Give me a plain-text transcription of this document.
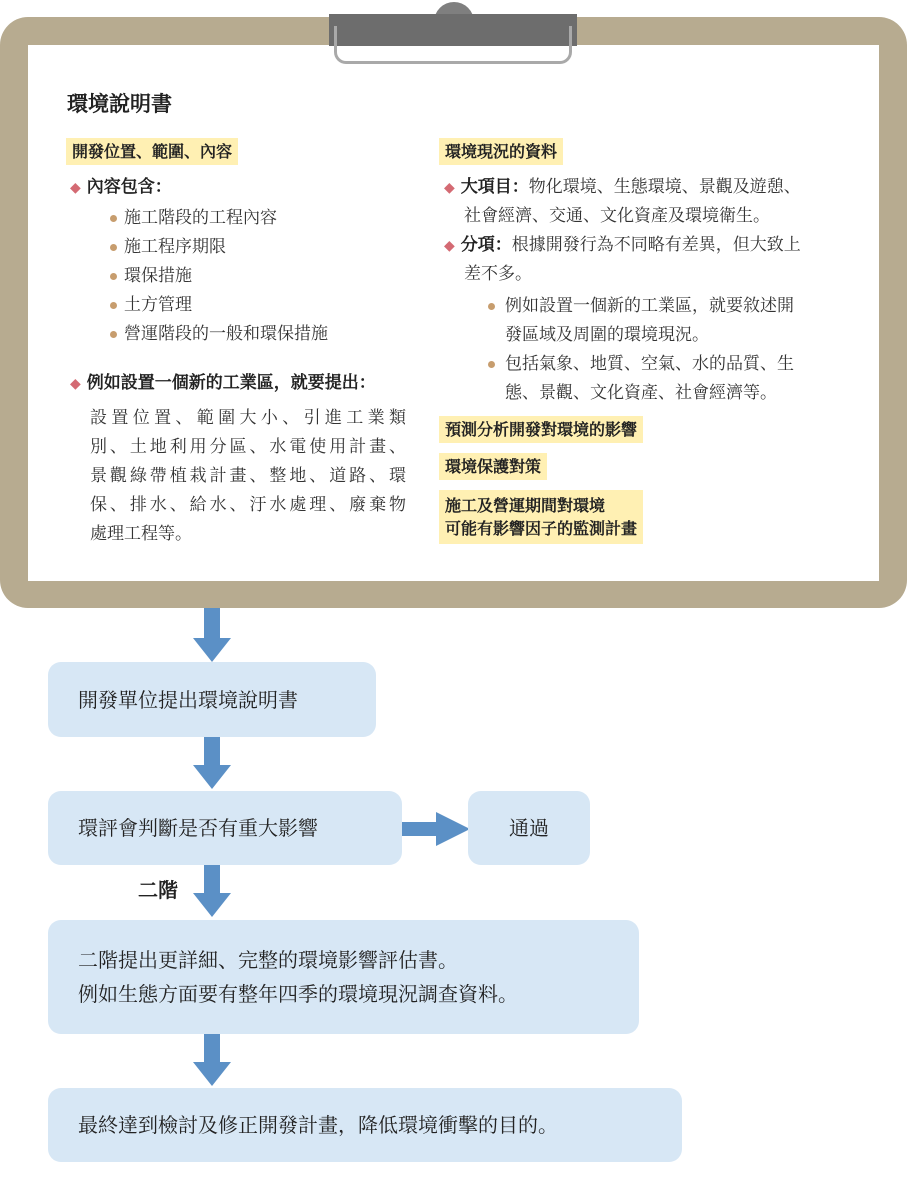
環境說明書
開發位置、範圍、內容
◆ 內容包含：
施工階段的工程內容
施工程序期限
環保措施
土方管理
營運階段的一般和環保措施
◆ 例如設置一個新的工業區，就要提出：
設置位置、範圍大小、引進工業類
別、土地利用分區、水電使用計畫、
景觀綠帶植栽計畫、整地、道路、環
保、排水、給水、汙水處理、廢棄物
處理工程等。
環境現況的資料
◆ 大項目：物化環境、生態環境、景觀及遊憩、
社會經濟、交通、文化資產及環境衛生。
◆ 分項：根據開發行為不同略有差異，但大致上
差不多。
例如設置一個新的工業區，就要敘述開
發區域及周圍的環境現況。
包括氣象、地質、空氣、水的品質、生
態、景觀、文化資產、社會經濟等。
預測分析開發對環境的影響
環境保護對策
施工及營運期間對環境
可能有影響因子的監測計畫
二階
開發單位提出環境說明書
環評會判斷是否有重大影響	通過
二階提出更詳細、完整的環境影響評估書。
例如生態方面要有整年四季的環境現況調查資料。
最終達到檢討及修正開發計畫，降低環境衝擊的目的。
